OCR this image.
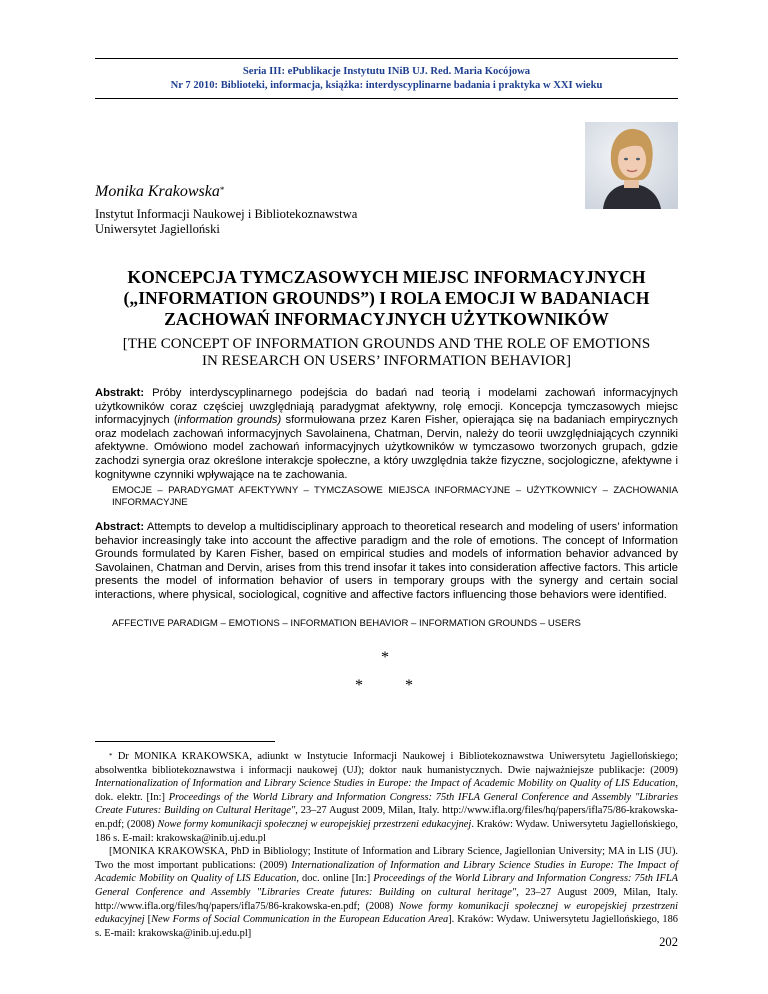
Seria III: ePublikacje Instytutu INiB UJ. Red. Maria Kocójowa
Nr 7 2010: Biblioteki, informacja, książka: interdyscyplinarne badania i praktyka w XXI wieku
Monika Krakowska*
Instytut Informacji Naukowej i Bibliotekoznawstwa
Uniwersytet Jagielloński
KONCEPCJA TYMCZASOWYCH MIEJSC INFORMACYJNYCH
(„INFORMATION GROUNDS”) I ROLA EMOCJI W BADANIACH
ZACHOWAŃ INFORMACYJNYCH UŻYTKOWNIKÓW
[THE CONCEPT OF INFORMATION GROUNDS AND THE ROLE OF EMOTIONS
IN RESEARCH ON USERS’ INFORMATION BEHAVIOR]
Abstrakt: Próby interdyscyplinarnego podejścia do badań nad teorią i modelami zachowań informacyjnych użytkowników coraz częściej uwzględniają paradygmat afektywny, rolę emocji. Koncepcja tymczasowych miejsc informacyjnych (information grounds) sformułowana przez Karen Fisher, opierająca się na badaniach empirycznych oraz modelach zachowań informacyjnych Savolainena, Chatman, Dervin, należy do teorii uwzględniających czynniki afektywne. Omówiono model zachowań informacyjnych użytkowników w tymczasowo tworzonych grupach, gdzie zachodzi synergia oraz określone interakcje społeczne, a który uwzględnia także fizyczne, socjologiczne, afektywne i kognitywne czynniki wpływające na te zachowania.
EMOCJE – PARADYGMAT AFEKTYWNY – TYMCZASOWE MIEJSCA INFORMACYJNE – UŻYTKOWNICY – ZACHOWANIA INFORMACYJNE
Abstract: Attempts to develop a multidisciplinary approach to theoretical research and modeling of users’ information behavior increasingly take into account the affective paradigm and the role of emotions. The concept of Information Grounds formulated by Karen Fisher, based on empirical studies and models of information behavior advanced by Savolainen, Chatman and Dervin, arises from this trend insofar it takes into consideration affective factors. This article presents the model of information behavior of users in temporary groups with the synergy and certain social interactions, where physical, sociological, cognitive and affective factors influencing those behaviors were identified.
AFFECTIVE PARADIGM – EMOTIONS – INFORMATION BEHAVIOR – INFORMATION GROUNDS – USERS
*
*	*

* Dr MONIKA KRAKOWSKA, adiunkt w Instytucie Informacji Naukowej i Bibliotekoznawstwa Uniwersytetu Jagiellońskiego; absolwentka bibliotekoznawstwa i informacji naukowej (UJ); doktor nauk humanistycznych. Dwie najważniejsze publikacje: (2009) Internationalization of Information and Library Science Studies in Europe: the Impact of Academic Mobility on Quality of LIS Education, dok. elektr. [In:] Proceedings of the World Library and Information Congress: 75th IFLA General Conference and Assembly "Libraries Create Futures: Building on Cultural Heritage", 23–27 August 2009, Milan, Italy. http://www.ifla.org/files/hq/papers/ifla75/86-krakowska-en.pdf; (2008) Nowe formy komunikacji społecznej w europejskiej przestrzeni edukacyjnej. Kraków: Wydaw. Uniwersytetu Jagiellońskiego, 186 s. E-mail: krakowska@inib.uj.edu.pl

[MONIKA KRAKOWSKA, PhD in Bibliology; Institute of Information and Library Science, Jagiellonian University; MA in LIS (JU). Two the most important publications: (2009) Internationalization of Information and Library Science Studies in Europe: The Impact of Academic Mobility on Quality of LIS Education, doc. online [In:] Proceedings of the World Library and Information Congress: 75th IFLA General Conference and Assembly "Libraries Create futures: Building on cultural heritage", 23–27 August 2009, Milan, Italy. http://www.ifla.org/files/hq/papers/ifla75/86-krakowska-en.pdf; (2008) Nowe formy komunikacji społecznej w europejskiej przestrzeni edukacyjnej [New Forms of Social Communication in the European Education Area]. Kraków: Wydaw. Uniwersytetu Jagiellońskiego, 186 s. E-mail: krakowska@inib.uj.edu.pl]

202
